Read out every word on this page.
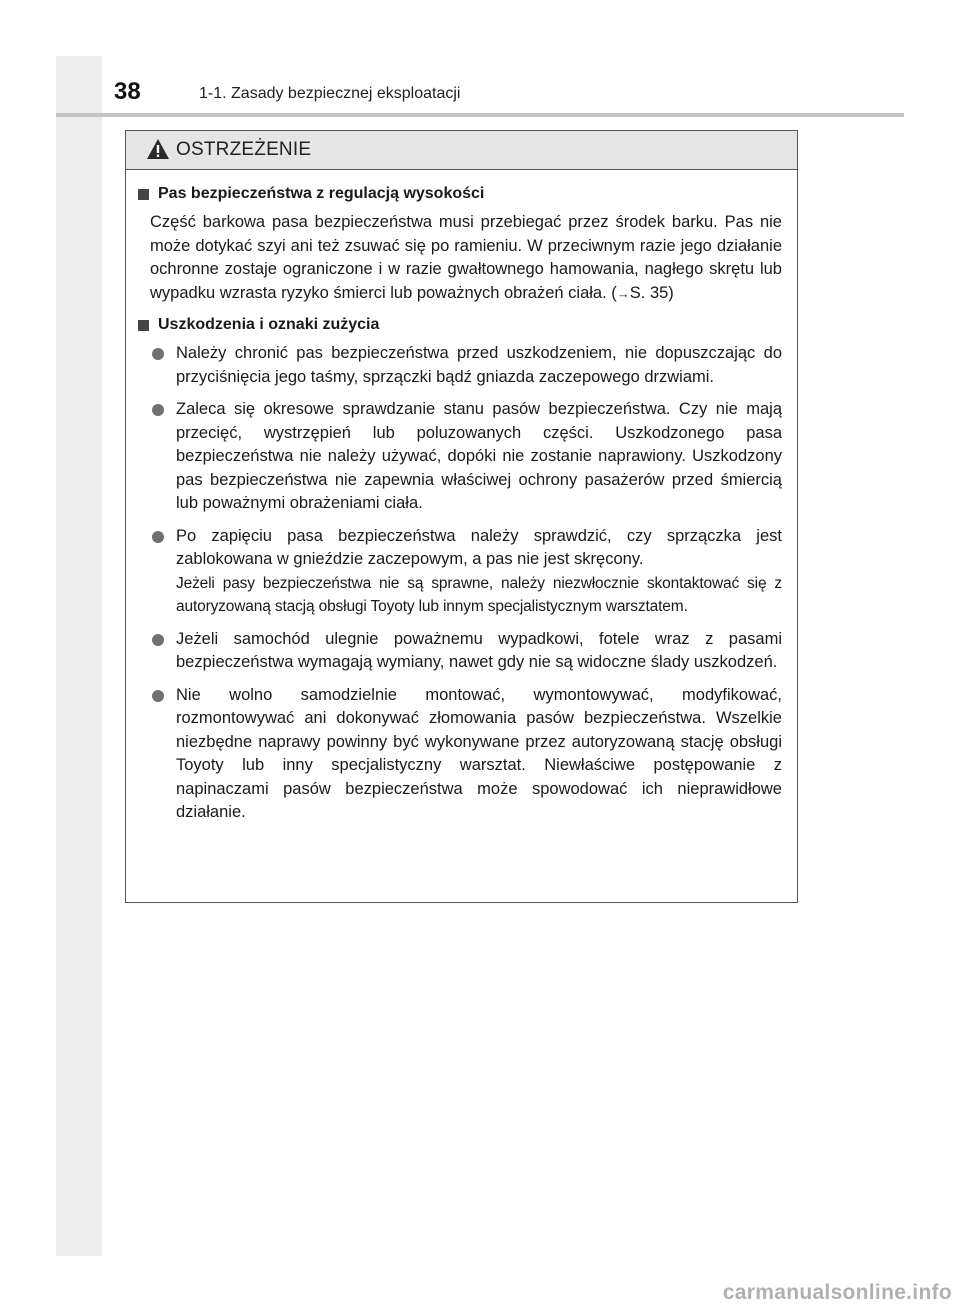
38	1-1. Zasady bezpiecznej eksploatacji
OSTRZEŻENIE
Pas bezpieczeństwa z regulacją wysokości
Część barkowa pasa bezpieczeństwa musi przebiegać przez środek barku. Pas nie może dotykać szyi ani też zsuwać się po ramieniu. W przeciwnym razie jego działanie ochronne zostaje ograniczone i w razie gwałtownego hamowania, nagłego skrętu lub wypadku wzrasta ryzyko śmierci lub poważnych obrażeń ciała. (→S. 35)
Uszkodzenia i oznaki zużycia
Należy chronić pas bezpieczeństwa przed uszkodzeniem, nie dopuszczając do przyciśnięcia jego taśmy, sprzączki bądź gniazda zaczepowego drzwiami.
Zaleca się okresowe sprawdzanie stanu pasów bezpieczeństwa. Czy nie mają przecięć, wystrzępień lub poluzowanych części. Uszkodzonego pasa bezpieczeństwa nie należy używać, dopóki nie zostanie naprawiony. Uszkodzony pas bezpieczeństwa nie zapewnia właściwej ochrony pasażerów przed śmiercią lub poważnymi obrażeniami ciała.
Po zapięciu pasa bezpieczeństwa należy sprawdzić, czy sprzączka jest zablokowana w gnieździe zaczepowym, a pas nie jest skręcony.
Jeżeli pasy bezpieczeństwa nie są sprawne, należy niezwłocznie skontaktować się z autoryzowaną stacją obsługi Toyoty lub innym specjalistycznym warsztatem.
Jeżeli samochód ulegnie poważnemu wypadkowi, fotele wraz z pasami bezpieczeństwa wymagają wymiany, nawet gdy nie są widoczne ślady uszkodzeń.
Nie wolno samodzielnie montować, wymontowywać, modyfikować, rozmontowywać ani dokonywać złomowania pasów bezpieczeństwa. Wszelkie niezbędne naprawy powinny być wykonywane przez autoryzowaną stację obsługi Toyoty lub inny specjalistyczny warsztat. Niewłaściwe postępowanie z napinaczami pasów bezpieczeństwa może spowodować ich nieprawidłowe działanie.
carmanualsonline.info
